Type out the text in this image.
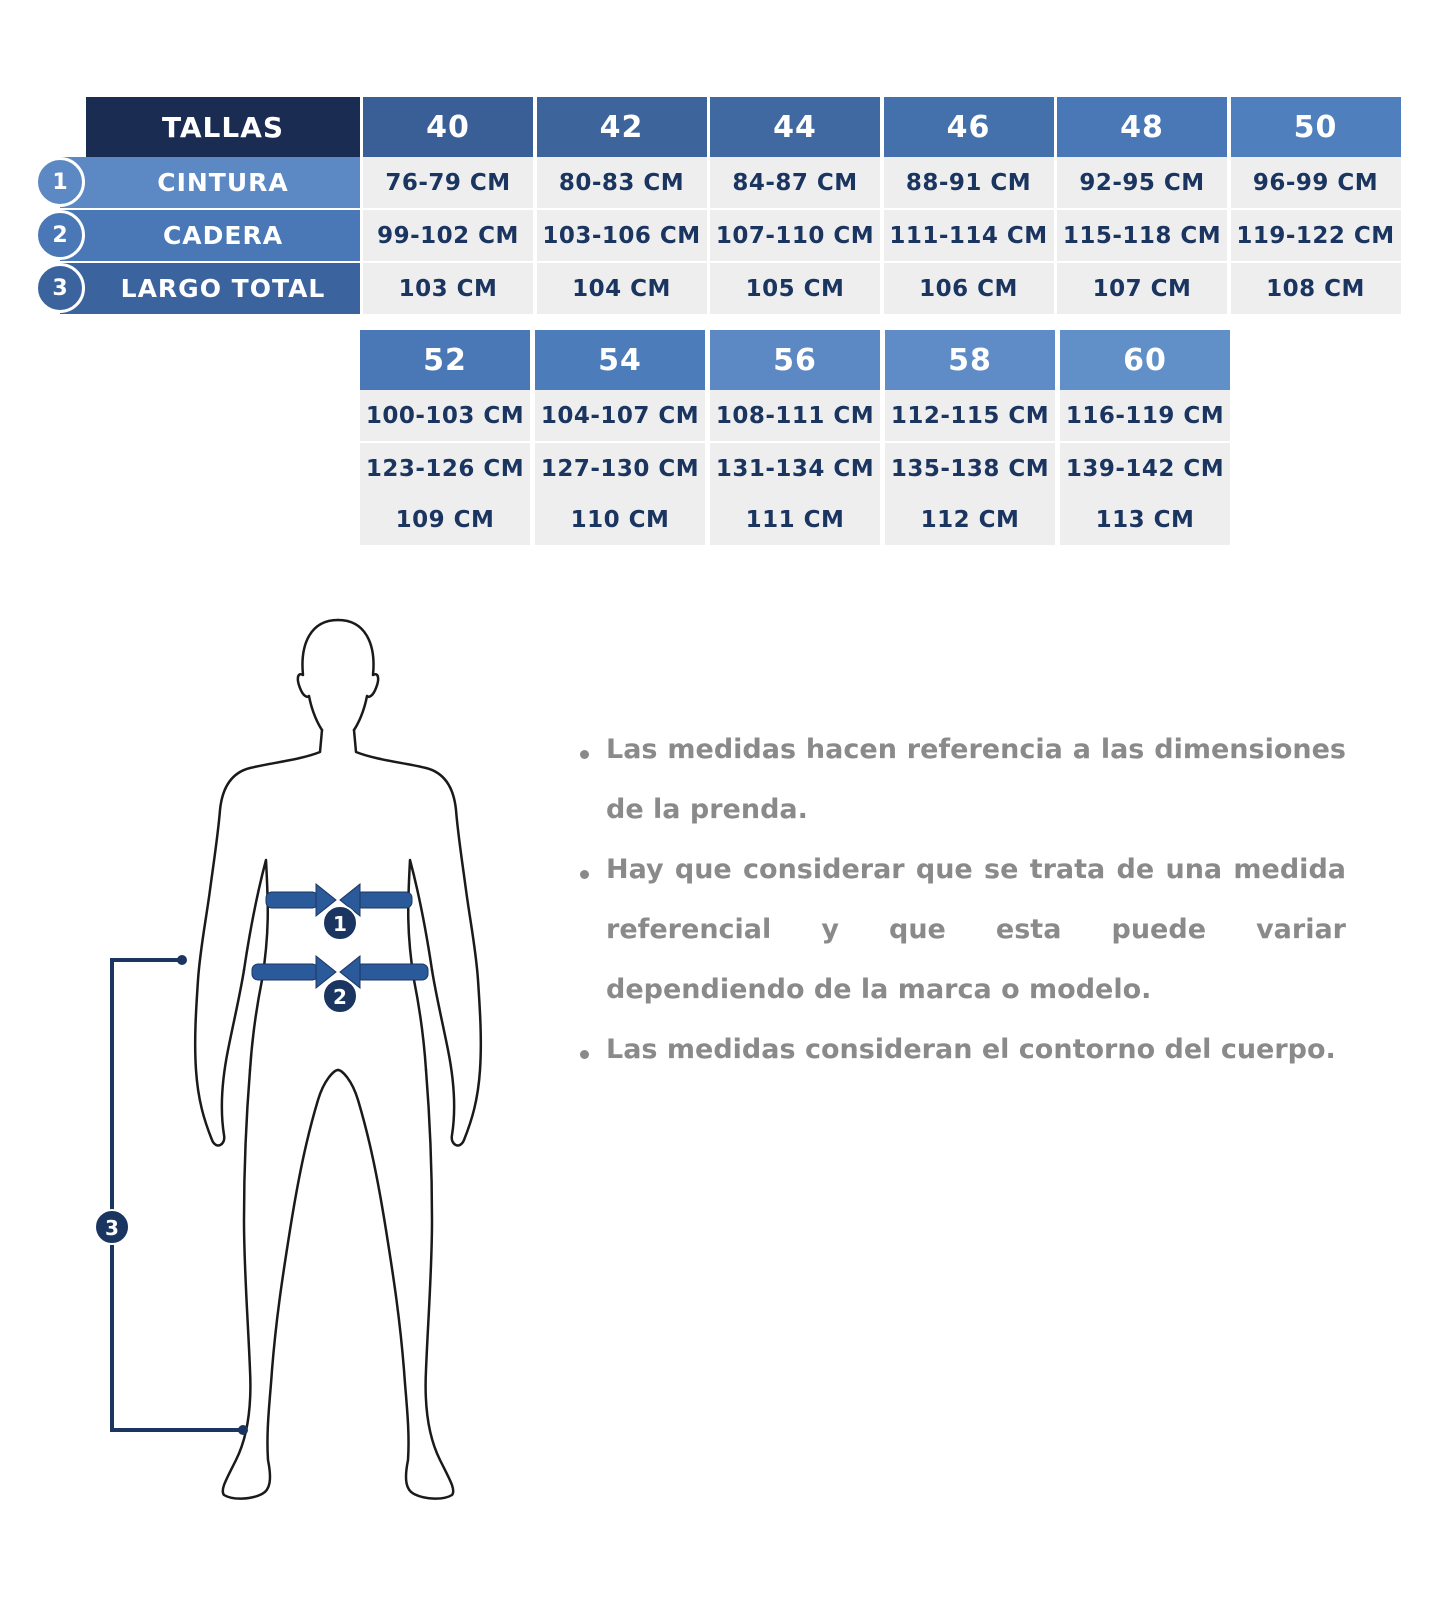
TALLAS	40
76-79 CM
99-102 CM
103 CM
42
80-83 CM
103-106 CM
104 CM
44
84-87 CM
107-110 CM
105 CM
46
88-91 CM
111-114 CM
106 CM
48
92-95 CM
115-118 CM
107 CM
50
96-99 CM
119-122 CM
108 CM
52
100-103 CM
123-126 CM
109 CM
54
104-107 CM
127-130 CM
110 CM
56
108-111 CM
131-134 CM
111 CM
58
112-115 CM
135-138 CM
112 CM
60
116-119 CM
139-142 CM
113 CM
CINTURA
CADERA
LARGO TOTAL
1
2
3
1
2
3
Las medidas hacen referencia a las dimensiones de la prenda.
Hay que considerar que se trata de una medida referencial y que esta puede variar dependiendo de la marca o modelo.
Las medidas consideran el contorno del cuerpo.
